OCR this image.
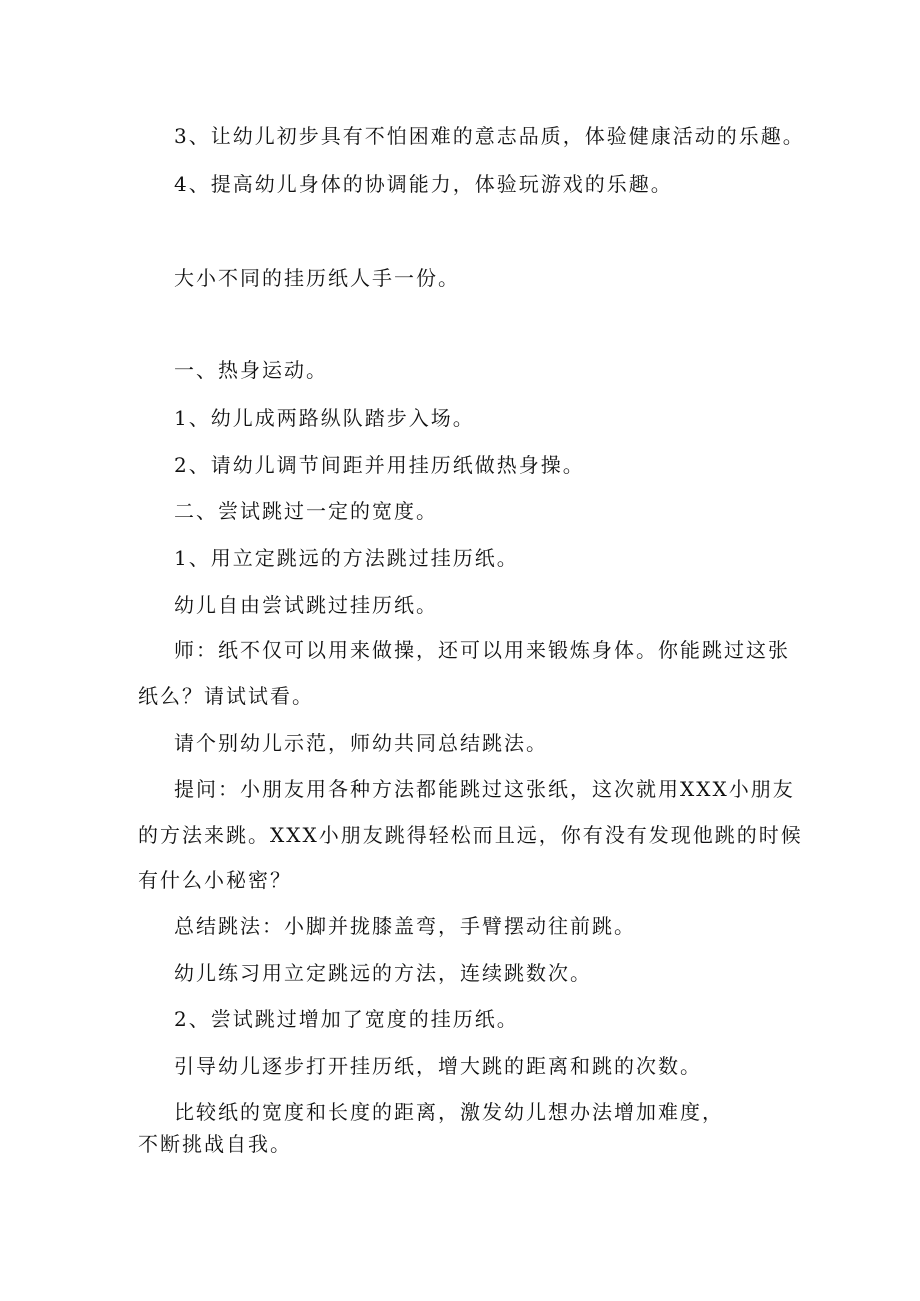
3、让幼儿初步具有不怕困难的意志品质，体验健康活动的乐趣。
4、提高幼儿身体的协调能力，体验玩游戏的乐趣。
大小不同的挂历纸人手一份。
一、热身运动。
1、幼儿成两路纵队踏步入场。
2、请幼儿调节间距并用挂历纸做热身操。
二、尝试跳过一定的宽度。
1、用立定跳远的方法跳过挂历纸。
幼儿自由尝试跳过挂历纸。
师：纸不仅可以用来做操，还可以用来锻炼身体。你能跳过这张
纸么？请试试看。
请个别幼儿示范，师幼共同总结跳法。
提问：小朋友用各种方法都能跳过这张纸，这次就用XXX小朋友
的方法来跳。XXX小朋友跳得轻松而且远，你有没有发现他跳的时候
有什么小秘密？
总结跳法：小脚并拢膝盖弯，手臂摆动往前跳。
幼儿练习用立定跳远的方法，连续跳数次。
2、尝试跳过增加了宽度的挂历纸。
引导幼儿逐步打开挂历纸，增大跳的距离和跳的次数。
比较纸的宽度和长度的距离，激发幼儿想办法增加难度，
不断挑战自我。
